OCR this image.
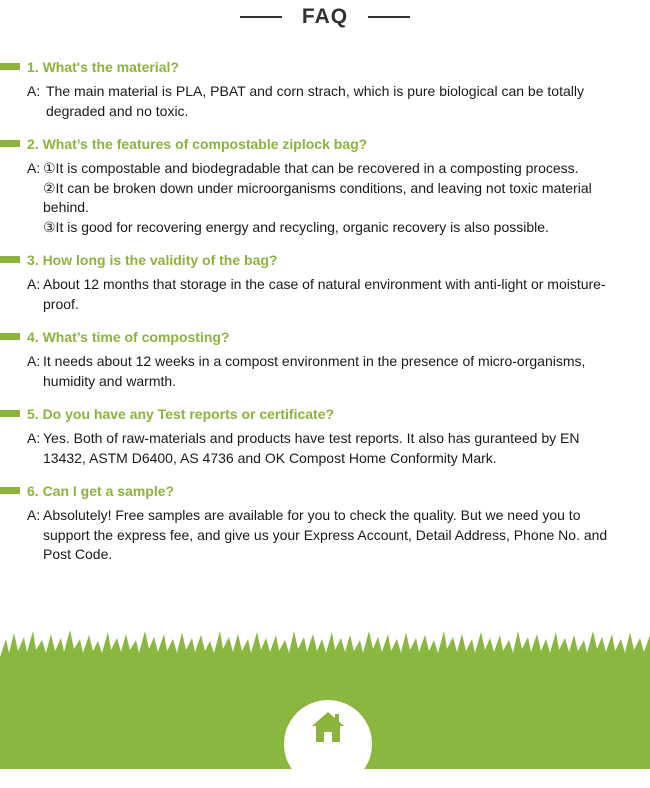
FAQ
1. What's the material?
A: The main material is PLA, PBAT and corn strach, which is pure biological can be totally degraded and no toxic.
2. What’s the features of compostable ziplock bag?
A: ①It is compostable and biodegradable that can be recovered in a composting process.
②It can be broken down under microorganisms conditions, and leaving not toxic material behind.
③It is good for recovering energy and recycling, organic recovery is also possible.
3. How long is the validity of the bag?
A: About 12 months that storage in the case of natural environment with anti-light or moisture-proof.
4. What’s time of composting?
A: It needs about 12 weeks in a compost environment in the presence of micro-organisms, humidity and warmth.
5. Do you have any Test reports or certificate?
A: Yes. Both of raw-materials and products have test reports. It also has guranteed by EN 13432, ASTM D6400, AS 4736 and OK Compost Home Conformity Mark.
6. Can I get a sample?
A: Absolutely! Free samples are available for you to check the quality. But we need you to support the express fee, and give us your Express Account, Detail Address, Phone No. and Post Code.
